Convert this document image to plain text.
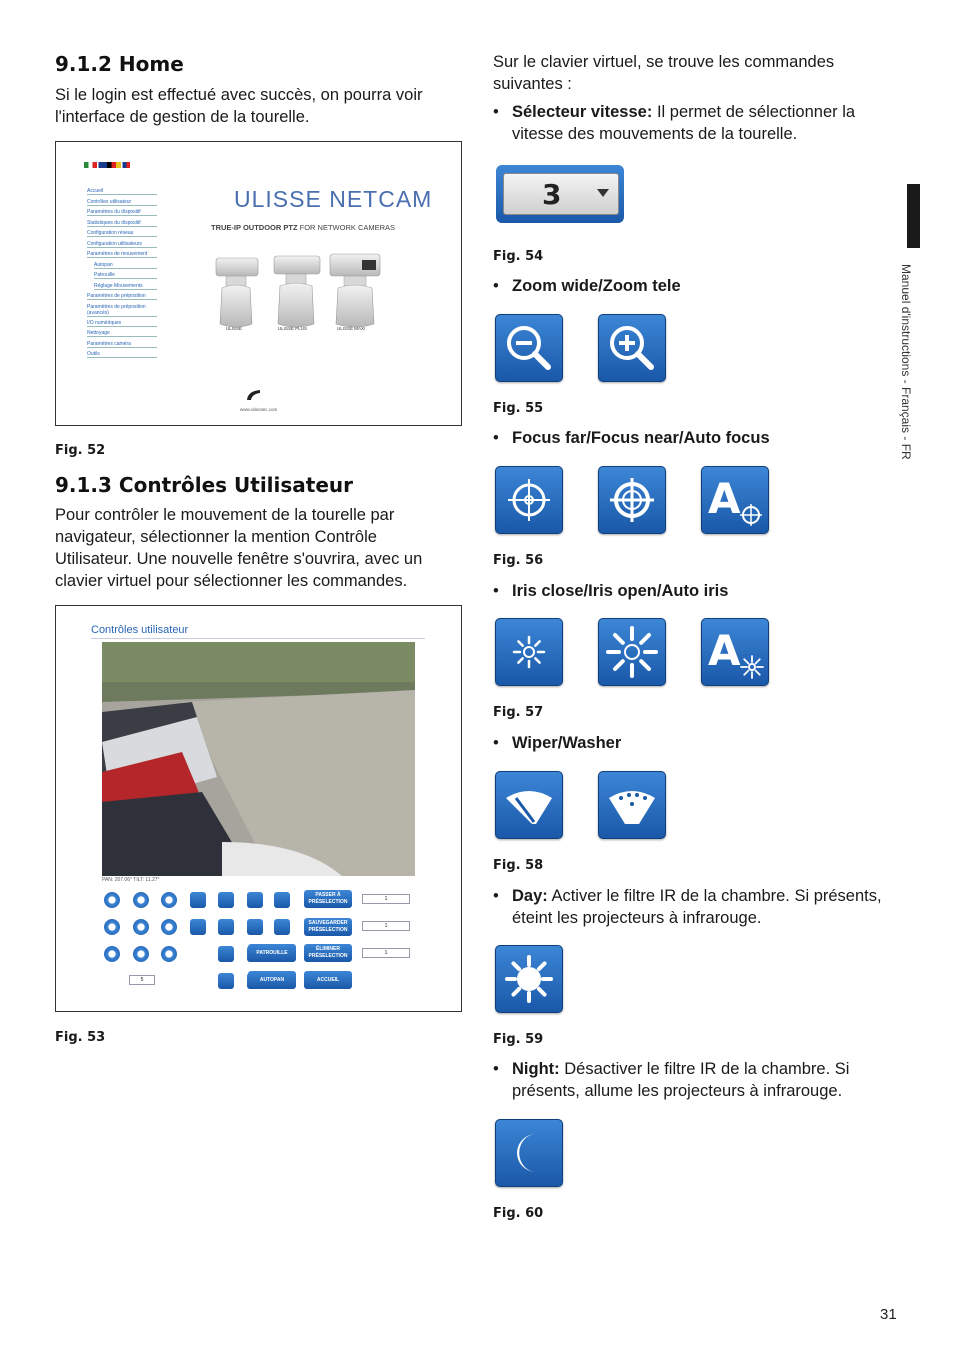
9.1.2 Home

Si le login est effectué avec succès, on pourra voir

l'interface de gestion de la tourelle.

Accueil
Contrôles utilisateur
Paramètres du dispositif
Statistiques du dispositif
Configuration réseau
Configuration utilisateurs
Paramètres de mouvement
Autopan
Patrouille
Réglage Mouvements
Paramètres de préposition
Paramètres de préposition (avancés)
I/O numériques
Nettoyage
Paramètres caméra
Outils
ULISSE NETCAM
TRUE-IP OUTDOOR PTZ FOR NETWORK CAMERAS
ULISSE	ULISSE PLUS	ULISSE MAXI
www.videotec.com
Fig. 52
9.1.3 Contrôles Utilisateur

Pour contrôler le mouvement de la tourelle par

navigateur, sélectionner la mention Contrôle

Utilisateur. Une nouvelle fenêtre s'ouvrira, avec un

clavier virtuel pour sélectionner les commandes.

Contrôles utilisateur
PAN: 207.06° TILT: 11.27°
PASSER À PRÉSELECTION
SAUVEGARDER PRÉSELECTION
ÉLIMINER PRÉSELECTION
PATROUILLE
AUTOPAN	ACCUEIL
1
1
1
5
Fig. 53

Sur le clavier virtuel, se trouve les commandes

suivantes :

• Sélecteur vitesse: Il permet de sélectionner la
vitesse des mouvements de la tourelle.
3
Fig. 54
• Zoom wide/Zoom tele
Fig. 55
• Focus far/Focus near/Auto focus
A
Fig. 56
• Iris close/Iris open/Auto iris
A
Fig. 57
• Wiper/Washer
Fig. 58
• Day: Activer le filtre IR de la chambre. Si présents,
éteint les projecteurs à infrarouge.
Fig. 59
• Night: Désactiver le filtre IR de la chambre. Si
présents, allume les projecteurs à infrarouge.
Fig. 60
Manuel d'instructions - Français - FR
31
